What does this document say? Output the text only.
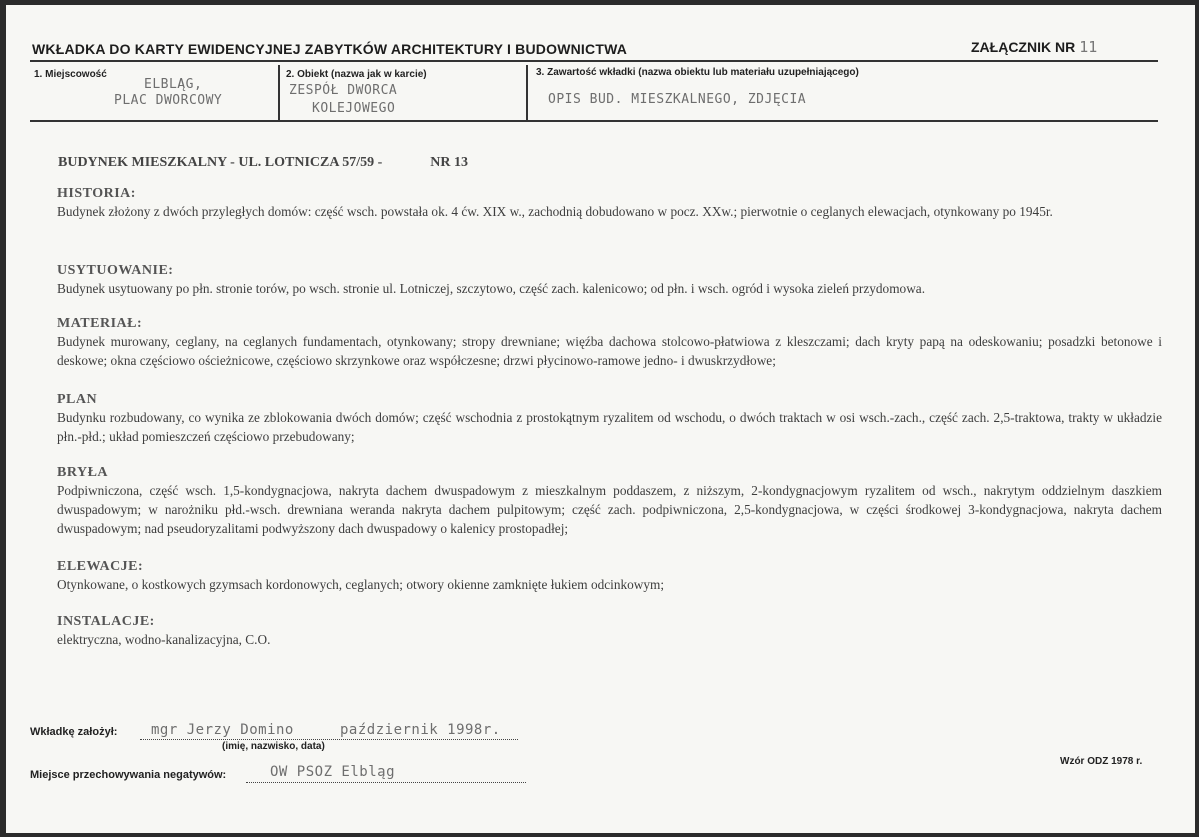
WKŁADKA DO KARTY EWIDENCYJNEJ ZABYTKÓW ARCHITEKTURY I BUDOWNICTWA	ZAŁĄCZNIK NR 11
1. Miejscowość
ELBLĄG,
PLAC DWORCOWY
2. Obiekt (nazwa jak w karcie)
ZESPÓŁ DWORCA
KOLEJOWEGO
3. Zawartość wkładki (nazwa obiektu lub materiału uzupełniającego)
OPIS BUD. MIESZKALNEGO, ZDJĘCIA
BUDYNEK MIESZKALNY - UL. LOTNICZA 57/59 -	NR 13
HISTORIA:
Budynek złożony z dwóch przyległych domów: część wsch. powstała ok. 4 ćw. XIX w., zachodnią dobudowano w pocz. XXw.; pierwotnie o ceglanych elewacjach, otynkowany po 1945r.
USYTUOWANIE:
Budynek usytuowany po płn. stronie torów, po wsch. stronie ul. Lotniczej, szczytowo, część zach. kalenicowo; od płn. i wsch. ogród i wysoka zieleń przydomowa.
MATERIAŁ:
Budynek murowany, ceglany, na ceglanych fundamentach, otynkowany; stropy drewniane; więźba dachowa stolcowo-płatwiowa z kleszczami; dach kryty papą na odeskowaniu; posadzki betonowe i deskowe; okna częściowo ościeżnicowe, częściowo skrzynkowe oraz współczesne; drzwi płycinowo-ramowe jedno- i dwuskrzydłowe;
PLAN
Budynku rozbudowany, co wynika ze zblokowania dwóch domów; część wschodnia z prostokątnym ryzalitem od wschodu, o dwóch traktach w osi wsch.-zach., część zach. 2,5-traktowa, trakty w układzie płn.-płd.; układ pomieszczeń częściowo przebudowany;
BRYŁA
Podpiwniczona, część wsch. 1,5-kondygnacjowa, nakryta dachem dwuspadowym z mieszkalnym poddaszem, z niższym, 2-kondygnacjowym ryzalitem od wsch., nakrytym oddzielnym daszkiem dwuspadowym; w narożniku płd.-wsch. drewniana weranda nakryta dachem pulpitowym; część zach. podpiwniczona, 2,5-kondygnacjowa, w części środkowej 3-kondygnacjowa, nakryta dachem dwuspadowym; nad pseudoryzalitami podwyższony dach dwuspadowy o kalenicy prostopadłej;
ELEWACJE:
Otynkowane, o kostkowych gzymsach kordonowych, ceglanych; otwory okienne zamknięte łukiem odcinkowym;
INSTALACJE:
elektryczna, wodno-kanalizacyjna, C.O.
Wkładkę założył: mgr Jerzy Domino	październik 1998r.
(imię, nazwisko, data)
Miejsce przechowywania negatywów:	OW PSOZ Elbląg
Wzór ODZ 1978 r.
